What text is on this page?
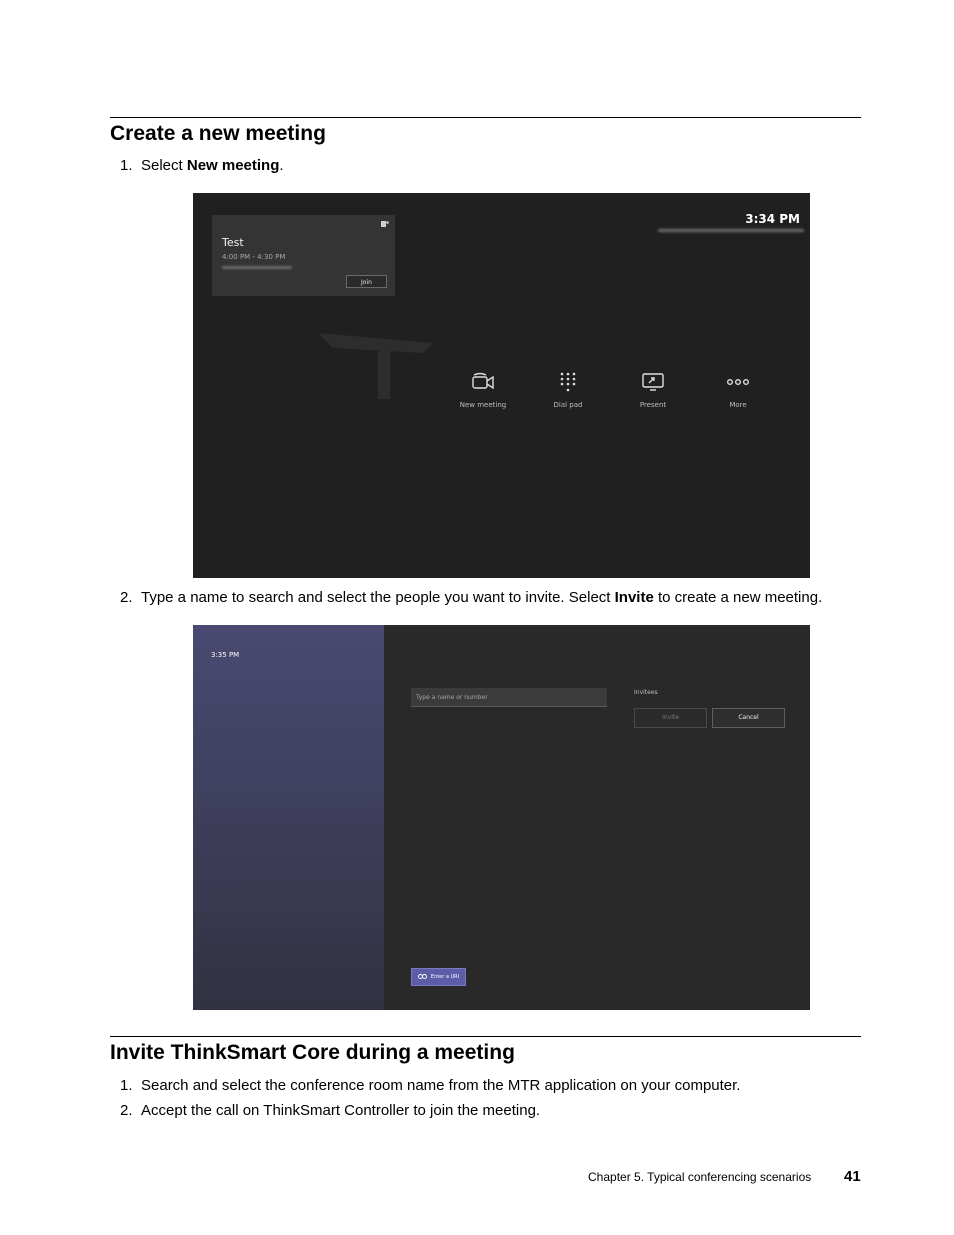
Create a new meeting

1. Select New meeting.

Test
4:00 PM - 4:30 PM
Join
3:34 PM
New meeting	Dial pad	Present	More

2. Type a name to search and select the people you want to invite. Select Invite to create a new meeting.

3:35 PM
Type a name or number
Invitees
Invite	Cancel
Enter a URI
Invite ThinkSmart Core during a meeting

1. Search and select the conference room name from the MTR application on your computer.

2. Accept the call on ThinkSmart Controller to join the meeting.

Chapter 5. Typical conferencing scenarios 41
